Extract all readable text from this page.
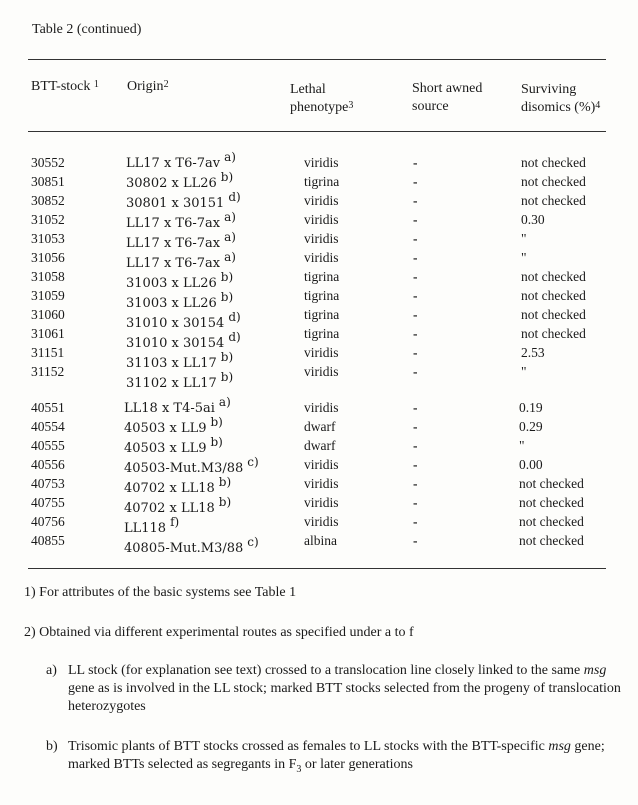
Table 2 (continued)
BTT-stock $^1$ Origin$^2$	Lethal
phenotype$^3$
Short awned
source
Surviving
disomics (%)$^4$
30552
30851
30852
31052
31053
31056
31058
31059
31060
31061
31151
31152
LL17 x T6-7av a)
30802 x LL26 b)
30801 x 30151 d)
LL17 x T6-7ax a)
LL17 x T6-7ax a)
LL17 x T6-7ax a)
31003 x LL26 b)
31003 x LL26 b)
31010 x 30154 d)
31010 x 30154 d)
31103 x LL17 b)
31102 x LL17 b)
viridis
tigrina
viridis
viridis
viridis
viridis
tigrina
tigrina
tigrina
tigrina
viridis
viridis
-
-
-
-
-
-
-
-
-
-
-
-
not checked
not checked
not checked
0.30
"
"
not checked
not checked
not checked
not checked
2.53
"
40551
40554
40555
40556
40753
40755
40756
40855
LL18 x T4-5ai a)
40503 x LL9 b)
40503 x LL9 b)
40503-Mut.M3/88 c)
40702 x LL18 b)
40702 x LL18 b)
LL118 f)
40805-Mut.M3/88 c)
viridis
dwarf
dwarf
viridis
viridis
viridis
viridis
albina
-
-
-
-
-
-
-
-
0.19
0.29
"
0.00
not checked
not checked
not checked
not checked
1) For attributes of the basic systems see Table 1
2) Obtained via different experimental routes as specified under a to f
a) LL stock (for explanation see text) crossed to a translocation line closely linked to the same msg gene as is involved in the LL stock; marked BTT stocks selected from the progeny of translocation heterozygotes
b) Trisomic plants of BTT stocks crossed as females to LL stocks with the BTT-specific msg gene; marked BTTs selected as segregants in $F_3$ or later generations
